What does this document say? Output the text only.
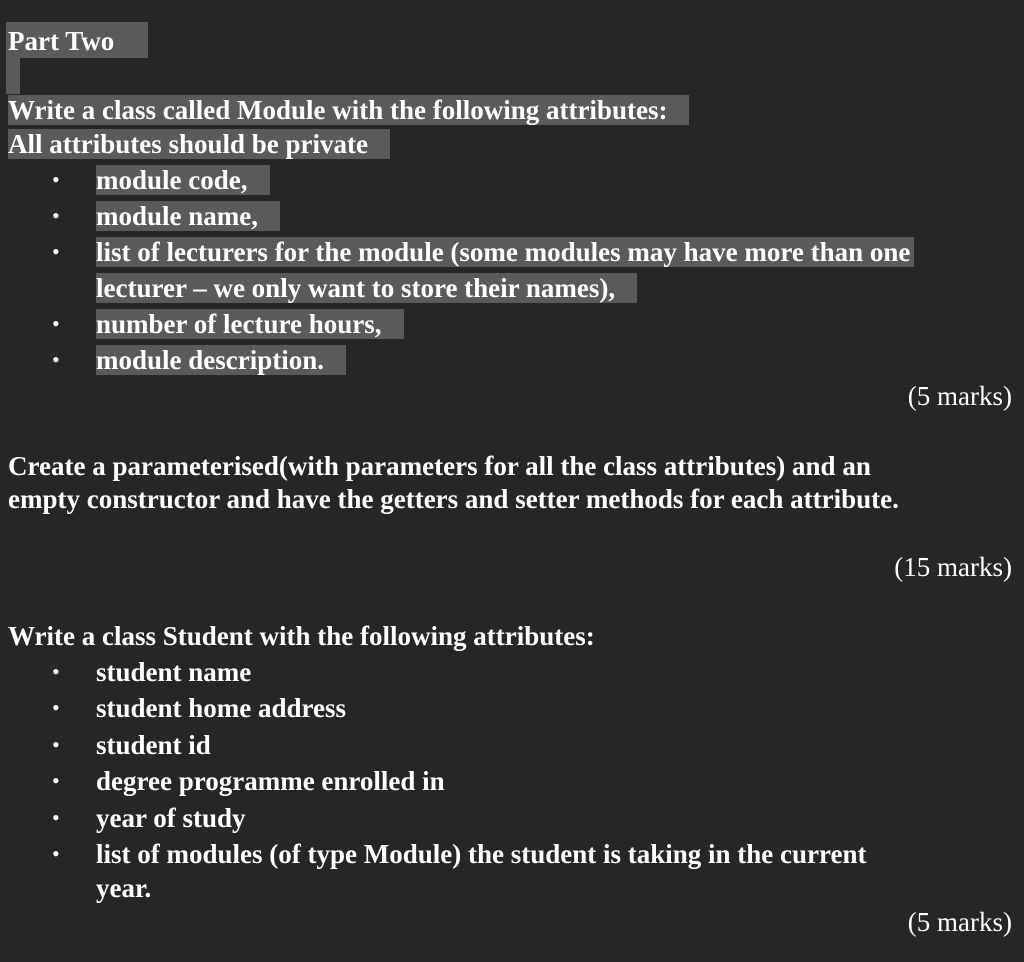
Part Two
Write a class called Module with the following attributes:
All attributes should be private
• module code,
• module name,
• list of lecturers for the module (some modules may have more than one
lecturer – we only want to store their names),
• number of lecture hours,
• module description.
(5 marks)
Create a parameterised(with parameters for all the class attributes) and an
empty constructor and have the getters and setter methods for each attribute.
(15 marks)
Write a class Student with the following attributes:
• student name
• student home address
• student id
• degree programme enrolled in
• year of study
• list of modules (of type Module) the student is taking in the current
year.
(5 marks)
